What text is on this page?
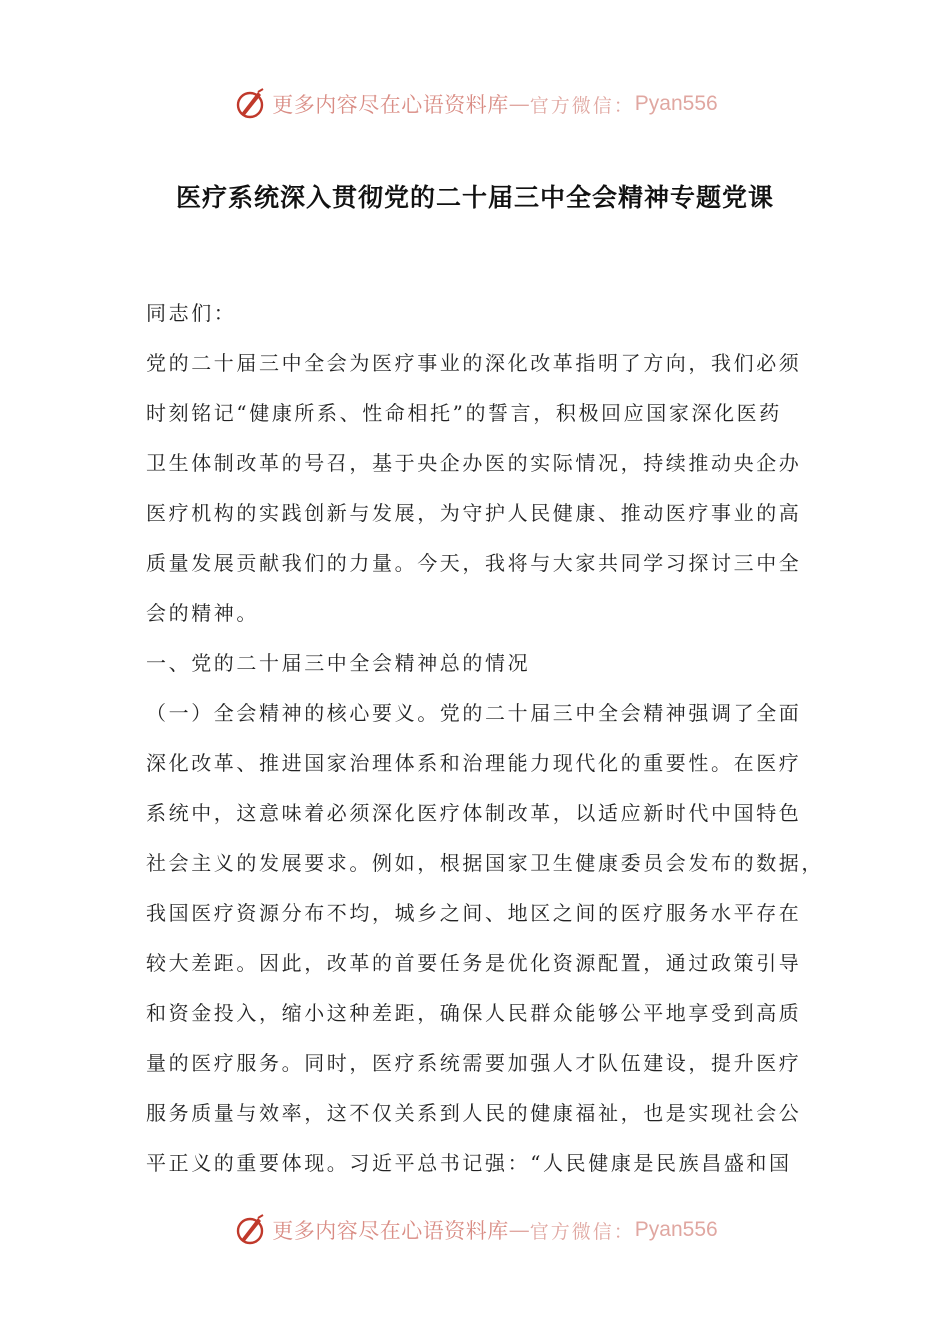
更多内容尽在心语资料库 — 官方微信： Pyan556
医疗系统深入贯彻党的二十届三中全会精神专题党课
同志们：
党的二十届三中全会为医疗事业的深化改革指明了方向，我们必须
时刻铭记“健康所系、性命相托”的誓言，积极回应国家深化医药
卫生体制改革的号召，基于央企办医的实际情况，持续推动央企办
医疗机构的实践创新与发展，为守护人民健康、推动医疗事业的高
质量发展贡献我们的力量。今天，我将与大家共同学习探讨三中全
会的精神。
一、党的二十届三中全会精神总的情况
（一）全会精神的核心要义。党的二十届三中全会精神强调了全面
深化改革、推进国家治理体系和治理能力现代化的重要性。在医疗
系统中，这意味着必须深化医疗体制改革，以适应新时代中国特色
社会主义的发展要求。例如，根据国家卫生健康委员会发布的数据，
我国医疗资源分布不均，城乡之间、地区之间的医疗服务水平存在
较大差距。因此，改革的首要任务是优化资源配置，通过政策引导
和资金投入，缩小这种差距，确保人民群众能够公平地享受到高质
量的医疗服务。同时，医疗系统需要加强人才队伍建设，提升医疗
服务质量与效率，这不仅关系到人民的健康福祉，也是实现社会公
平正义的重要体现。习近平总书记强：“人民健康是民族昌盛和国
更多内容尽在心语资料库 — 官方微信： Pyan556
